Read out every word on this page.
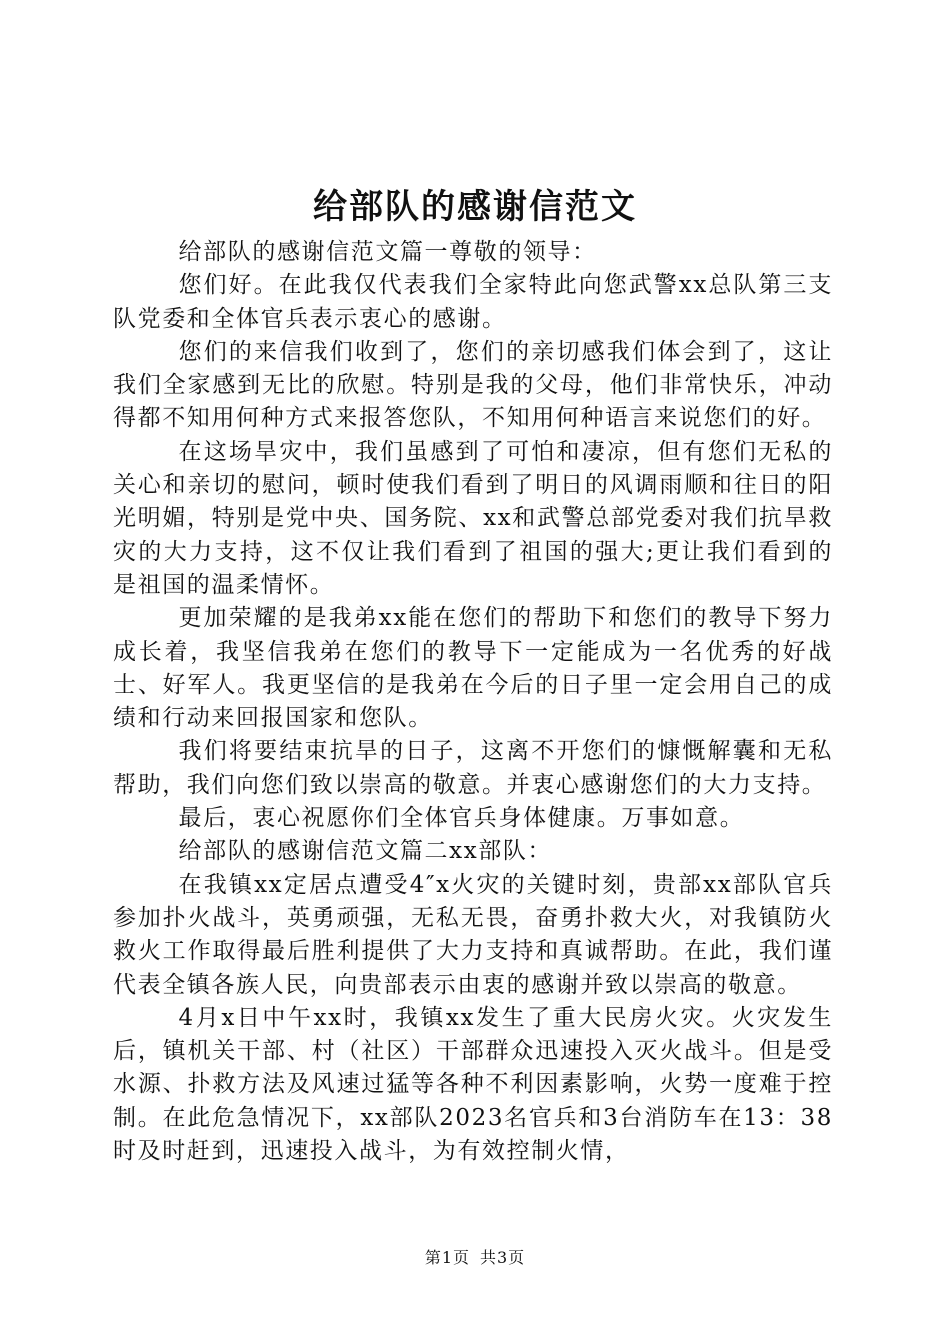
给部队的感谢信范文

给部队的感谢信范文篇一尊敬的领导：

您们好。在此我仅代表我们全家特此向您武警xx总队第三支队党委和全体官兵表示衷心的感谢。

您们的来信我们收到了，您们的亲切感我们体会到了，这让我们全家感到无比的欣慰。特别是我的父母，他们非常快乐，冲动得都不知用何种方式来报答您队，不知用何种语言来说您们的好。

在这场旱灾中，我们虽感到了可怕和凄凉，但有您们无私的关心和亲切的慰问，顿时使我们看到了明日的风调雨顺和往日的阳光明媚，特别是党中央、国务院、xx和武警总部党委对我们抗旱救灾的大力支持，这不仅让我们看到了祖国的强大;更让我们看到的是祖国的温柔情怀。

更加荣耀的是我弟xx能在您们的帮助下和您们的教导下努力成长着，我坚信我弟在您们的教导下一定能成为一名优秀的好战士、好军人。我更坚信的是我弟在今后的日子里一定会用自己的成绩和行动来回报国家和您队。

我们将要结束抗旱的日子，这离不开您们的慷慨解囊和无私帮助，我们向您们致以崇高的敬意。并衷心感谢您们的大力支持。

最后，衷心祝愿你们全体官兵身体健康。万事如意。

给部队的感谢信范文篇二xx部队：

在我镇xx定居点遭受4″x火灾的关键时刻，贵部xx部队官兵参加扑火战斗，英勇顽强，无私无畏，奋勇扑救大火，对我镇防火救火工作取得最后胜利提供了大力支持和真诚帮助。在此，我们谨代表全镇各族人民，向贵部表示由衷的感谢并致以崇高的敬意。

4月x日中午xx时，我镇xx发生了重大民房火灾。火灾发生后，镇机关干部、村（社区）干部群众迅速投入灭火战斗。但是受水源、扑救方法及风速过猛等各种不利因素影响，火势一度难于控制。在此危急情况下，xx部队2023名官兵和3台消防车在13：38时及时赶到，迅速投入战斗，为有效控制火情，

第1页 共3页
